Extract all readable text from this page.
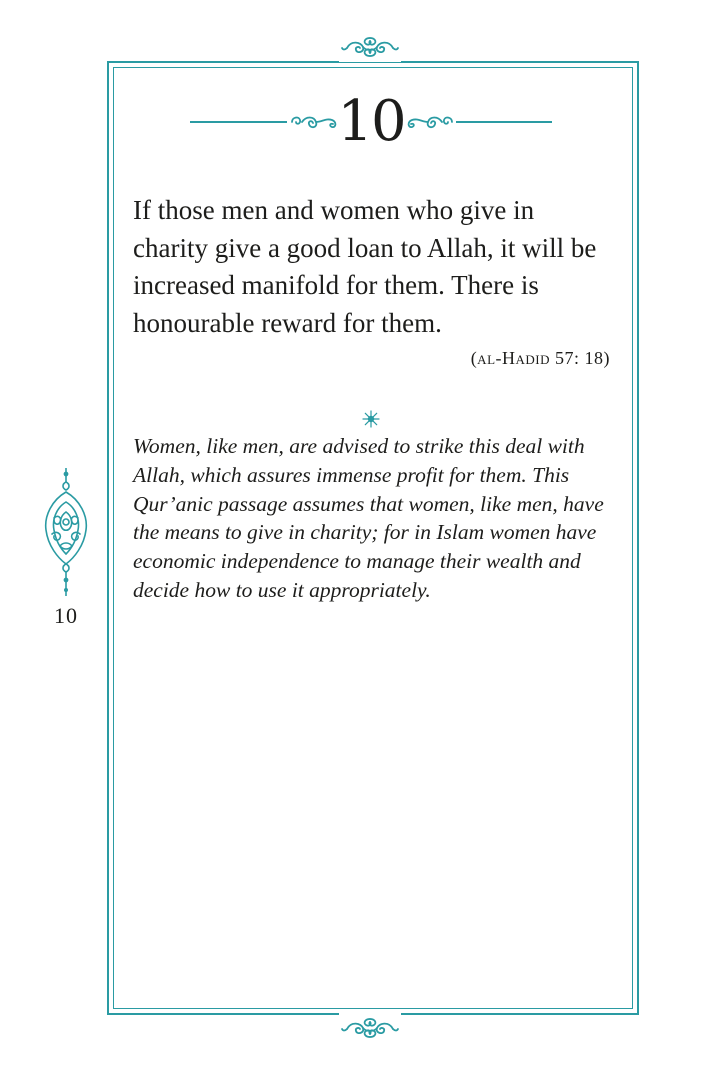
10

If those men and women who give in charity give a good loan to Allah, it will be increased manifold for them. There is honourable reward for them.

(al-Hadid 57: 18)

Women, like men, are advised to strike this deal with Allah, which assures immense profit for them. This Qur’anic passage assumes that women, like men, have the means to give in charity; for in Islam women have economic independence to manage their wealth and decide how to use it appropriately.

10
